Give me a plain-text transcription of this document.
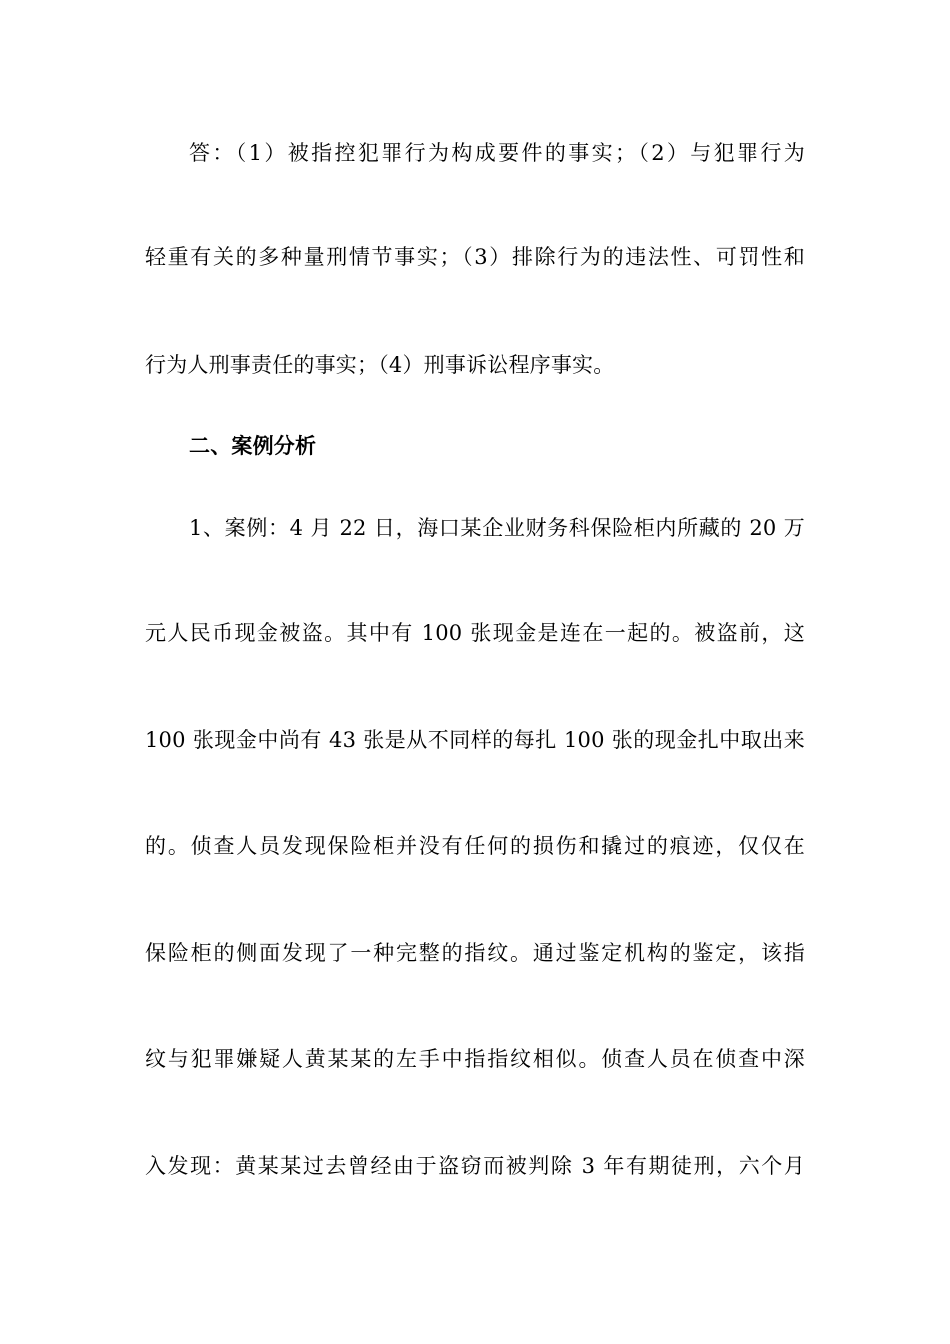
答：（1）被指控犯罪行为构成要件的事实；（2）与犯罪行为
轻重有关的多种量刑情节事实；（3）排除行为的违法性、可罚性和
行为人刑事责任的事实；（4）刑事诉讼程序事实。
二、案例分析
1、案例：4 月 22 日，海口某企业财务科保险柜内所藏的 20 万
元人民币现金被盗。其中有 100 张现金是连在一起的。被盗前，这
100 张现金中尚有 43 张是从不同样的每扎 100 张的现金扎中取出来
的。侦查人员发现保险柜并没有任何的损伤和撬过的痕迹，仅仅在
保险柜的侧面发现了一种完整的指纹。通过鉴定机构的鉴定，该指
纹与犯罪嫌疑人黄某某的左手中指指纹相似。侦查人员在侦查中深
入发现：黄某某过去曾经由于盗窃而被判除 3 年有期徒刑，六个月
